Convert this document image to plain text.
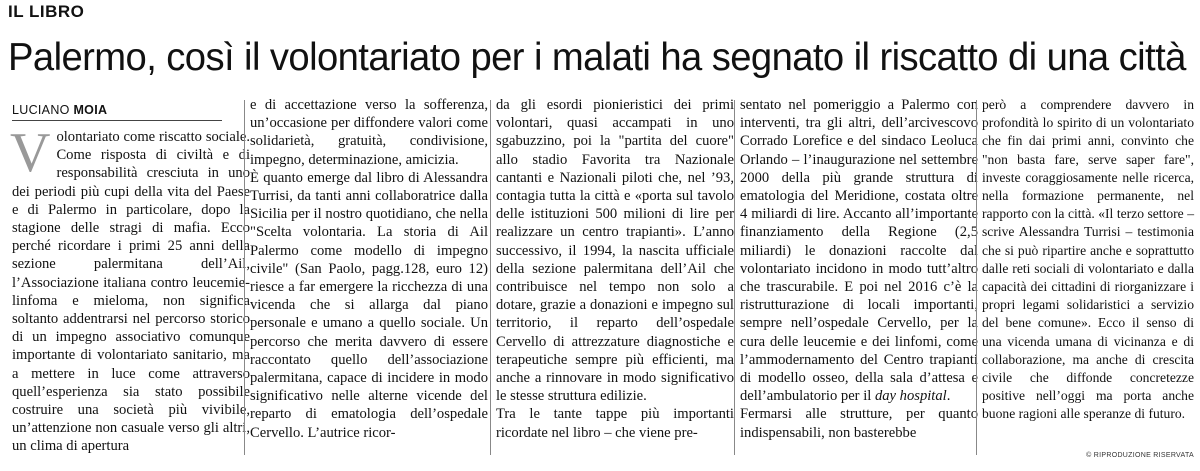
IL LIBRO
Palermo, così il volontariato per i malati ha segnato il riscatto di una città
LUCIANO MOIA

Volontariato come riscatto sociale. Come risposta di civiltà e di responsabilità cresciuta in uno dei periodi più cupi della vita del Paese e di Palermo in particolare, dopo la stagione delle stragi di mafia. Ecco perché ricordare i primi 25 anni della sezione palermitana dell’Ail, l’Associazione italiana contro leucemie-linfoma e mieloma, non significa soltanto addentrarsi nel percorso storico di un impegno associativo comunque importante di volontariato sanitario, ma a mettere in luce come attraverso quell’esperienza sia stato possibile costruire una società più vivibile, un’attenzione non casuale verso gli altri, un clima di apertura

e di accettazione verso la sofferenza, un’occasione per diffondere valori come solidarietà, gratuità, condivisione, impegno, determinazione, amicizia.
È quanto emerge dal libro di Alessandra Turrisi, da tanti anni collaboratrice dalla Sicilia per il nostro quotidiano, che nella "Scelta volontaria. La storia di Ail Palermo come modello di impegno civile" (San Paolo, pagg.128, euro 12) riesce a far emergere la ricchezza di una vicenda che si allarga dal piano personale e umano a quello sociale. Un percorso che merita davvero di essere raccontato quello dell’associazione palermitana, capace di incidere in modo significativo nelle alterne vicende del reparto di ematologia dell’ospedale Cervello. L’autrice ricor-

da gli esordi pionieristici dei primi volontari, quasi accampati in uno sgabuzzino, poi la "partita del cuore" allo stadio Favorita tra Nazionale cantanti e Nazionali piloti che, nel ’93, contagia tutta la città e «porta sul tavolo delle istituzioni 500 milioni di lire per realizzare un centro trapianti». L’anno successivo, il 1994, la nascita ufficiale della sezione palermitana dell’Ail che contribuisce nel tempo non solo a dotare, grazie a donazioni e impegno sul territorio, il reparto dell’ospedale Cervello di attrezzature diagnostiche e terapeutiche sempre più efficienti, ma anche a rinnovare in modo significativo le stesse struttura edilizie.
Tra le tante tappe più importanti ricordate nel libro – che viene pre-

sentato nel pomeriggio a Palermo con interventi, tra gli altri, dell’arcivescovo Corrado Lorefice e del sindaco Leoluca Orlando – l’inaugurazione nel settembre 2000 della più grande struttura di ematologia del Meridione, costata oltre 4 miliardi di lire. Accanto all’importante finanziamento della Regione (2,5 miliardi) le donazioni raccolte dal volontariato incidono in modo tutt’altro che trascurabile. E poi nel 2016 c’è la ristrutturazione di locali importanti, sempre nell’ospedale Cervello, per la cura delle leucemie e dei linfomi, come l’ammodernamento del Centro trapianti di modello osseo, della sala d’attesa e dell’ambulatorio per il day hospital.
Fermarsi alle strutture, per quanto indispensabili, non basterebbe

però a comprendere davvero in profondità lo spirito di un volontariato che fin dai primi anni, convinto che "non basta fare, serve saper fare", investe coraggiosamente nelle ricerca, nella formazione permanente, nel rapporto con la città. «Il terzo settore – scrive Alessandra Turrisi – testimonia che si può ripartire anche e soprattutto dalle reti sociali di volontariato e dalla capacità dei cittadini di riorganizzare i propri legami solidaristici a servizio del bene comune». Ecco il senso di una vicenda umana di vicinanza e di collaborazione, ma anche di crescita civile che diffonde concretezze positive nell’oggi ma porta anche buone ragioni alle speranze di futuro.

© RIPRODUZIONE RISERVATA
